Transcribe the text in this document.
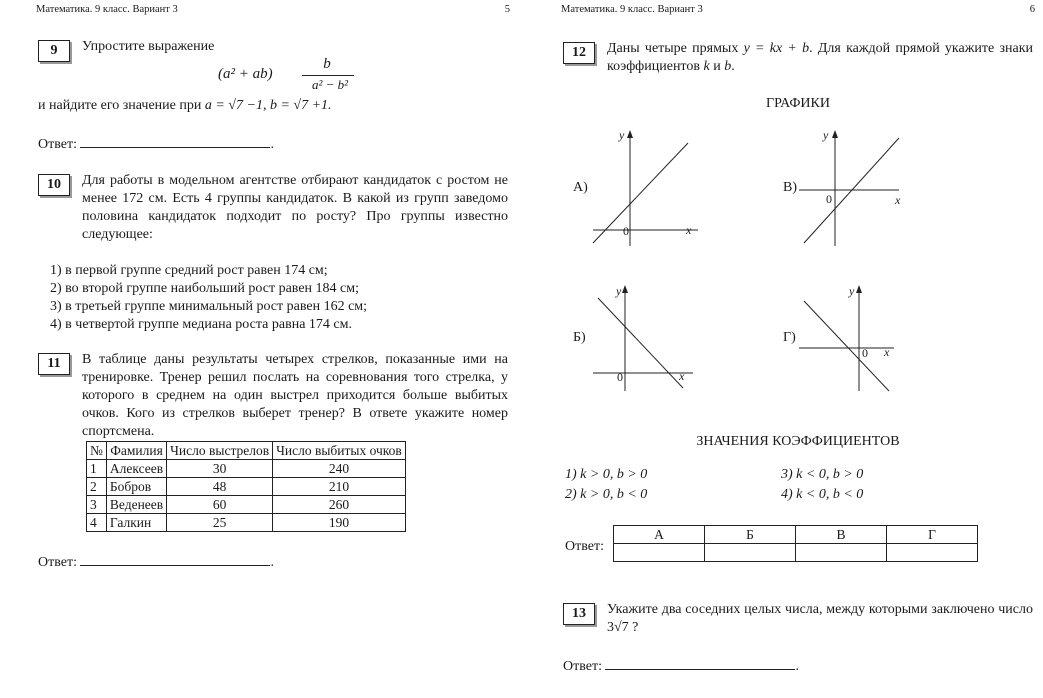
Математика. 9 класс. Вариант 3	5
9	Упростите выражение
(a² + ab)
b
a² − b²
и найдите его значение при a = √7 −1, b = √7 +1.
Ответ:	.
10	Для работы в модельном агентстве отбирают кандидаток с ростом не менее 172 см. Есть 4 группы кандидаток. В какой из групп заведомо половина кандидаток подходит по росту? Про группы известно следующее:
1) в первой группе средний рост равен 174 см;
2) во второй группе наибольший рост равен 184 см;
3) в третьей группе минимальный рост равен 162 см;
4) в четвертой группе медиана роста равна 174 см.
11	В таблице даны результаты четырех стрелков, показанные ими на тренировке. Тренер решил послать на соревнования того стрелка, у которого в среднем на один выстрел приходится больше выбитых очков. Кого из стрелков выберет тренер? В ответе укажите номер спортсмена.
№	Фамилия	Число выстрелов	Число выбитых очков
1	Алексеев	30	240
2	Бобров	48	210
3	Веденеев	60	260
4	Галкин	25	190
Ответ:	.
Математика. 9 класс. Вариант 3	6
12	Даны четыре прямых y = kx + b. Для каждой прямой укажите знаки коэффициентов k и b.
ГРАФИКИ
А)
y
x
0
В)
y
x
0
Б)
y
x
0
Г)
y
x
0
ЗНАЧЕНИЯ КОЭФФИЦИЕНТОВ
1) k > 0, b > 0
2) k > 0, b < 0
3) k < 0, b > 0
4) k < 0, b < 0
Ответ:
А	Б	В	Г

13	Укажите два соседних целых числа, между которыми заключено число 3√7 ?
Ответ:	.
